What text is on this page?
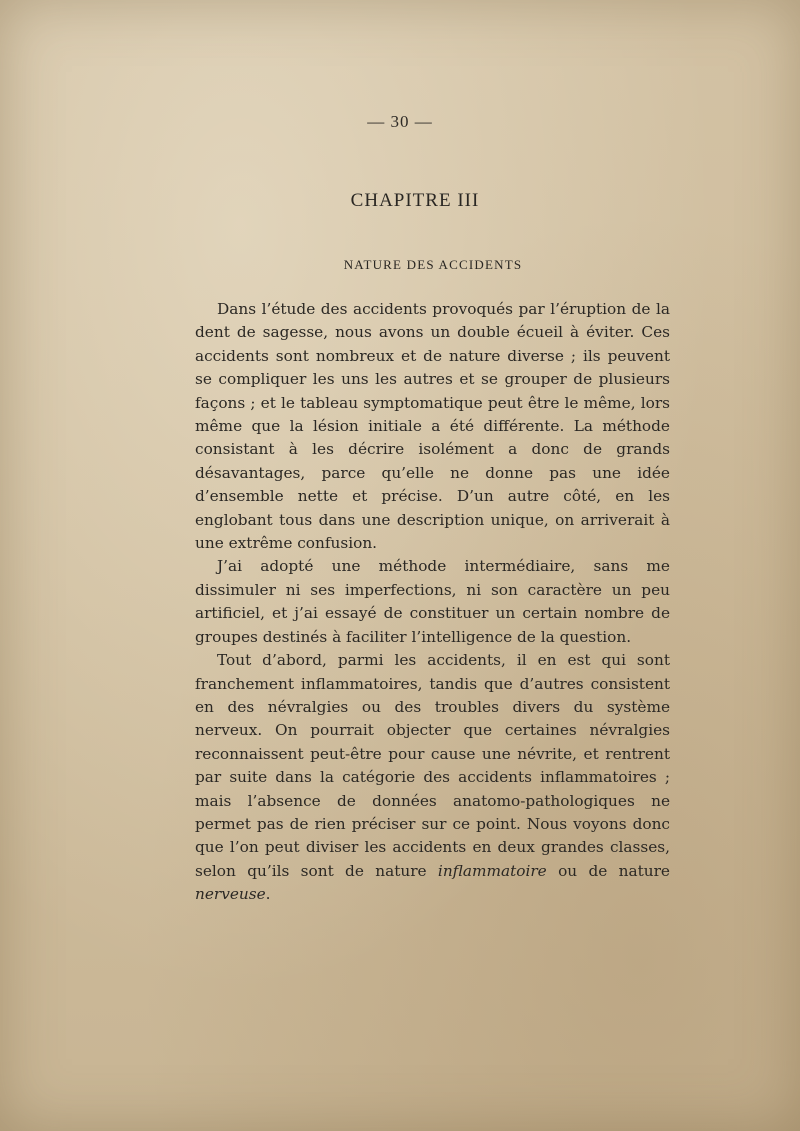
— 30 —
CHAPITRE III
NATURE DES ACCIDENTS

Dans l’étude des accidents provoqués par l’éruption de la dent de sagesse, nous avons un double écueil à éviter. Ces accidents sont nombreux et de nature diverse ; ils peuvent se compliquer les uns les autres et se grouper de plusieurs façons ; et le tableau symptomatique peut être le même, lors même que la lésion initiale a été différente. La méthode consistant à les décrire isolément a donc de grands désavantages, parce qu’elle ne donne pas une idée d’ensemble nette et précise. D’un autre côté, en les englobant tous dans une description unique, on arriverait à une extrême confusion.

J’ai adopté une méthode intermédiaire, sans me dissimuler ni ses imperfections, ni son caractère un peu artificiel, et j’ai essayé de constituer un certain nombre de groupes destinés à faciliter l’intelligence de la question.

Tout d’abord, parmi les accidents, il en est qui sont franchement inflammatoires, tandis que d’autres consistent en des névralgies ou des troubles divers du système nerveux. On pourrait objecter que certaines névralgies reconnaissent peut-être pour cause une névrite, et rentrent par suite dans la catégorie des accidents inflammatoires ; mais l’absence de données anatomo-pathologiques ne permet pas de rien préciser sur ce point. Nous voyons donc que l’on peut diviser les accidents en deux grandes classes, selon qu’ils sont de nature inflammatoire ou de nature nerveuse.
